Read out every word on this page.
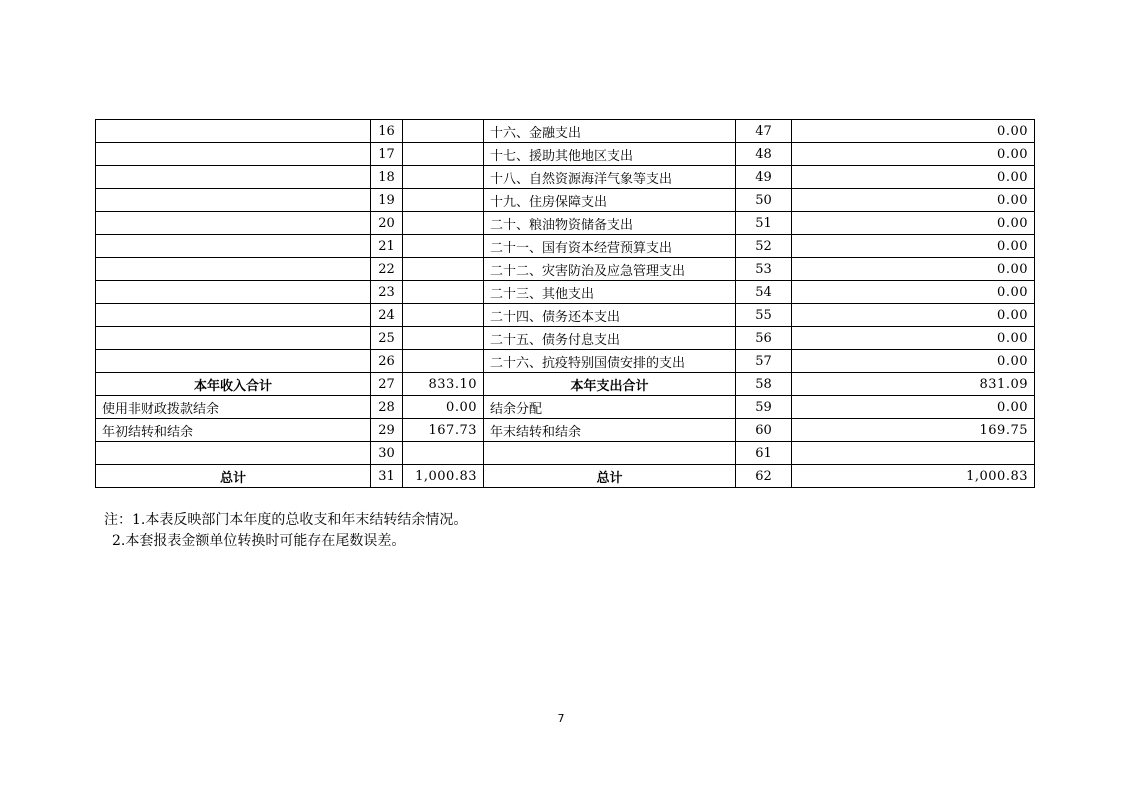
	16		十六、金融支出	47	0.00
	17		十七、援助其他地区支出	48	0.00
	18		十八、自然资源海洋气象等支出	49	0.00
	19		十九、住房保障支出	50	0.00
	20		二十、粮油物资储备支出	51	0.00
	21		二十一、国有资本经营预算支出	52	0.00
	22		二十二、灾害防治及应急管理支出	53	0.00
	23		二十三、其他支出	54	0.00
	24		二十四、债务还本支出	55	0.00
	25		二十五、债务付息支出	56	0.00
	26		二十六、抗疫特别国债安排的支出	57	0.00
本年收入合计	27	833.10	本年支出合计	58	831.09
使用非财政拨款结余	28	0.00	结余分配	59	0.00
年初结转和结余	29	167.73	年末结转和结余	60	169.75
	30			61	
总计	31	1,000.83	总计	62	1,000.83
注：1.本表反映部门本年度的总收支和年末结转结余情况。
2.本套报表金额单位转换时可能存在尾数误差。
7
